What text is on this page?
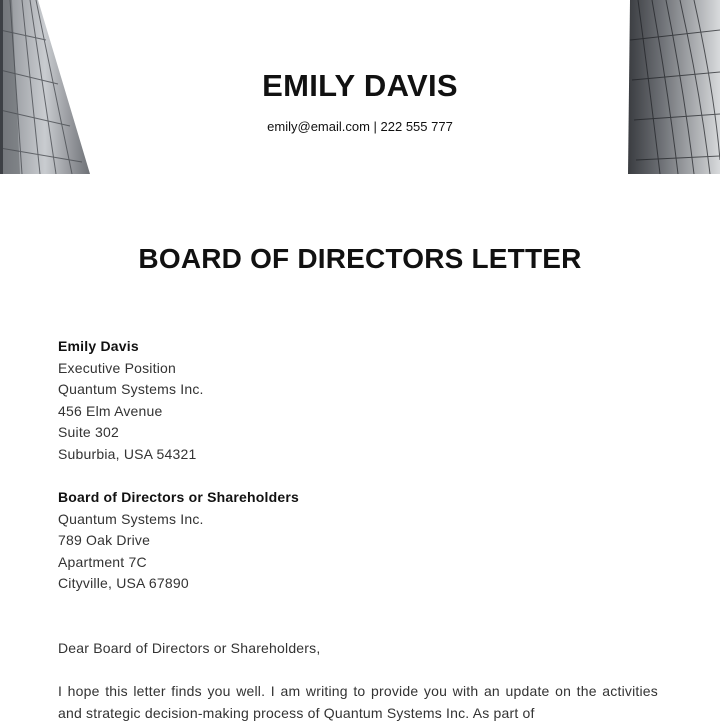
EMILY DAVIS
emily@email.com | 222 555 777
BOARD OF DIRECTORS LETTER
Emily Davis
Executive Position
Quantum Systems Inc.
456 Elm Avenue
Suite 302
Suburbia, USA 54321
Board of Directors or Shareholders
Quantum Systems Inc.
789 Oak Drive
Apartment 7C
Cityville, USA 67890
Dear Board of Directors or Shareholders,

I hope this letter finds you well. I am writing to provide you with an update on the activities and strategic decision-making process of Quantum Systems Inc. As part of
